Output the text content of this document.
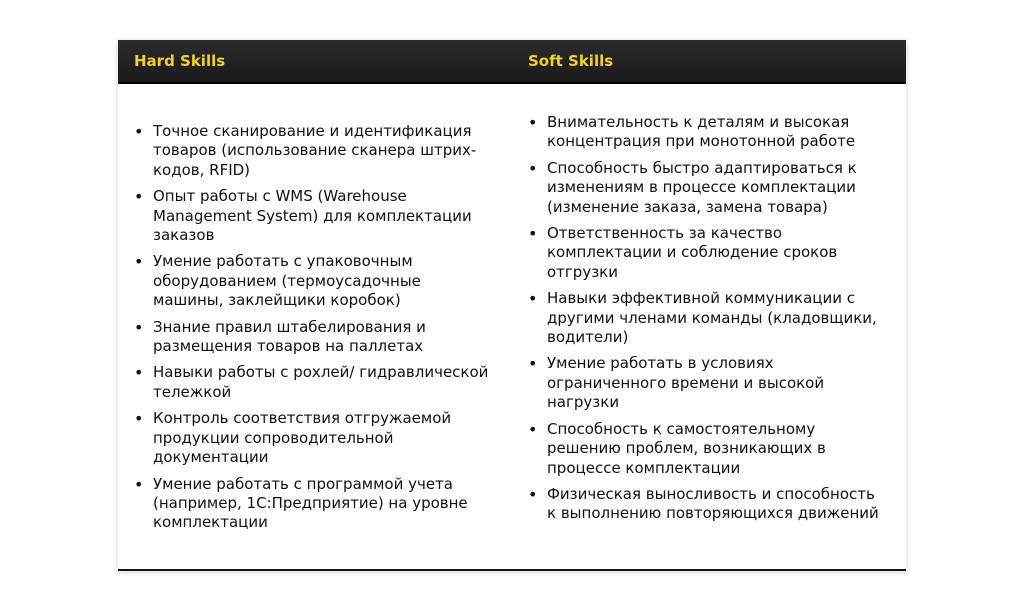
Hard Skills	Soft Skills
• Точное сканирование и идентификация товаров (использование сканера штрих-кодов, RFID)
• Опыт работы с WMS (Warehouse Management System) для комплектации заказов
• Умение работать с упаковочным оборудованием (термоусадочные машины, заклейщики коробок)
• Знание правил штабелирования и размещения товаров на паллетах
• Навыки работы с рохлей/ гидравлической тележкой
• Контроль соответствия отгружаемой продукции сопроводительной документации
• Умение работать с программой учета (например, 1С:Предприятие) на уровне комплектации
• Внимательность к деталям и высокая концентрация при монотонной работе
• Способность быстро адаптироваться к изменениям в процессе комплектации (изменение заказа, замена товара)
• Ответственность за качество комплектации и соблюдение сроков отгрузки
• Навыки эффективной коммуникации с другими членами команды (кладовщики, водители)
• Умение работать в условиях ограниченного времени и высокой нагрузки
• Способность к самостоятельному решению проблем, возникающих в процессе комплектации
• Физическая выносливость и способность к выполнению повторяющихся движений
